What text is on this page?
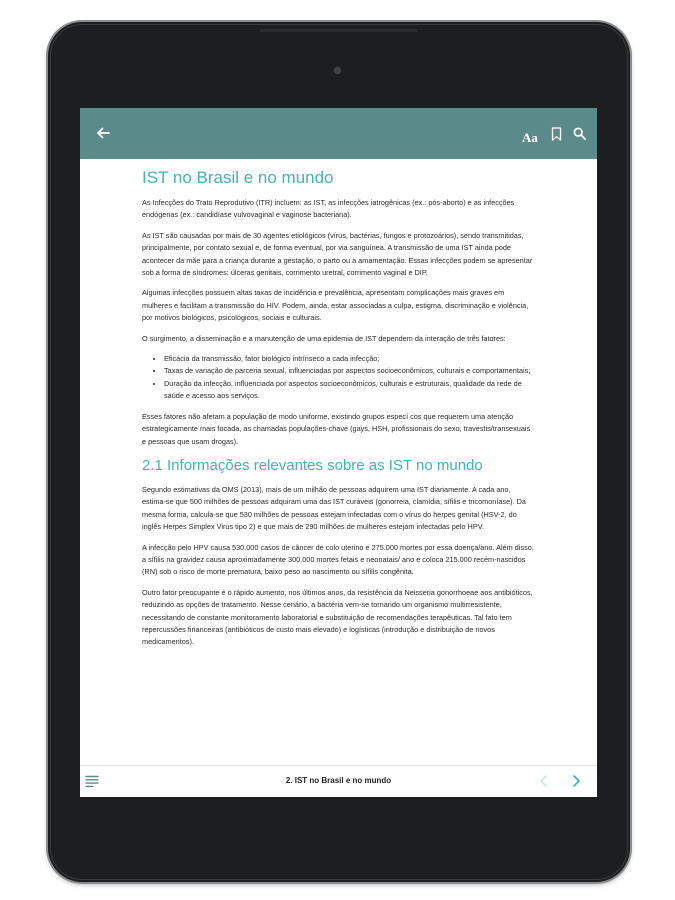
Aa
IST no Brasil e no mundo

As Infecções do Trato Reprodutivo (ITR) incluem: as IST, as infecções iatrogênicas (ex.: pós-aborto) e as infecções endógenas (ex.: candidíase vulvovaginal e vaginose bacteriana).

As IST são causadas por mais de 30 agentes etiológicos (vírus, bactérias, fungos e protozoários), sendo transmitidas, principalmente, por contato sexual e, de forma eventual, por via sanguínea. A transmissão de uma IST ainda pode acontecer da mãe para a criança durante a gestação, o parto ou a amamentação. Essas infecções podem se apresentar sob a forma de síndromes: úlceras genitais, corrimento uretral, corrimento vaginal e DIP.

Algumas infecções possuem altas taxas de incidência e prevalência, apresentam complicações mais graves em mulheres e facilitam a transmissão do HIV. Podem, ainda, estar associadas a culpa, estigma, discriminação e violência, por motivos biológicos, psicológicos, sociais e culturais.

O surgimento, a disseminação e a manutenção de uma epidemia de IST dependem da interação de três fatores:

• Eficácia da transmissão, fator biológico intrínseco a cada infecção;
• Taxas de variação de parceria sexual, influenciadas por aspectos socioeconômicos, culturais e comportamentais;
• Duração da infecção, influenciada por aspectos socioeconômicos, culturais e estruturais, qualidade da rede de saúde e acesso aos serviços.

Esses fatores não afetam a população de modo uniforme, existindo grupos especí cos que requerem uma atenção estrategicamente mais focada, as chamadas populações-chave (gays, HSH, profissionais do sexo, travestis/transexuais e pessoas que usam drogas).

2.1 Informações relevantes sobre as IST no mundo

Segundo estimativas da OMS (2013), mais de um milhão de pessoas adquirem uma IST diariamente. A cada ano, estima-se que 500 milhões de pessoas adquiram uma das IST curáveis (gonorreia, clamídia, sífilis e tricomoníase). Da mesma forma, calcula-se que 530 milhões de pessoas estejam infectadas com o vírus do herpes genital (HSV-2, do inglês Herpes Simplex Virus tipo 2) e que mais de 290 milhões de mulheres estejam infectadas pelo HPV.

A infecção pelo HPV causa 530.000 casos de câncer de colo uterino e 275.000 mortes por essa doença/ano. Além disso, a sífilis na gravidez causa aproximadamente 300.000 mortes fetais e neonatais/ ano e coloca 215.000 recém-nascidos (RN) sob o risco de morte prematura, baixo peso ao nascimento ou sífilis congênita.

Outro fator preocupante é o rápido aumento, nos últimos anos, da resistência da Neisseria gonorrhoeae aos antibióticos, reduzindo as opções de tratamento. Nesse cenário, a bactéria vem-se tornando um organismo multirresistente, necessitando de constante monitoramento laboratorial e substituição de recomendações terapêuticas. Tal fato tem repercussões financeiras (antibióticos de custo mais elevado) e logísticas (introdução e distribuição de novos medicamentos).

2. IST no Brasil e no mundo
